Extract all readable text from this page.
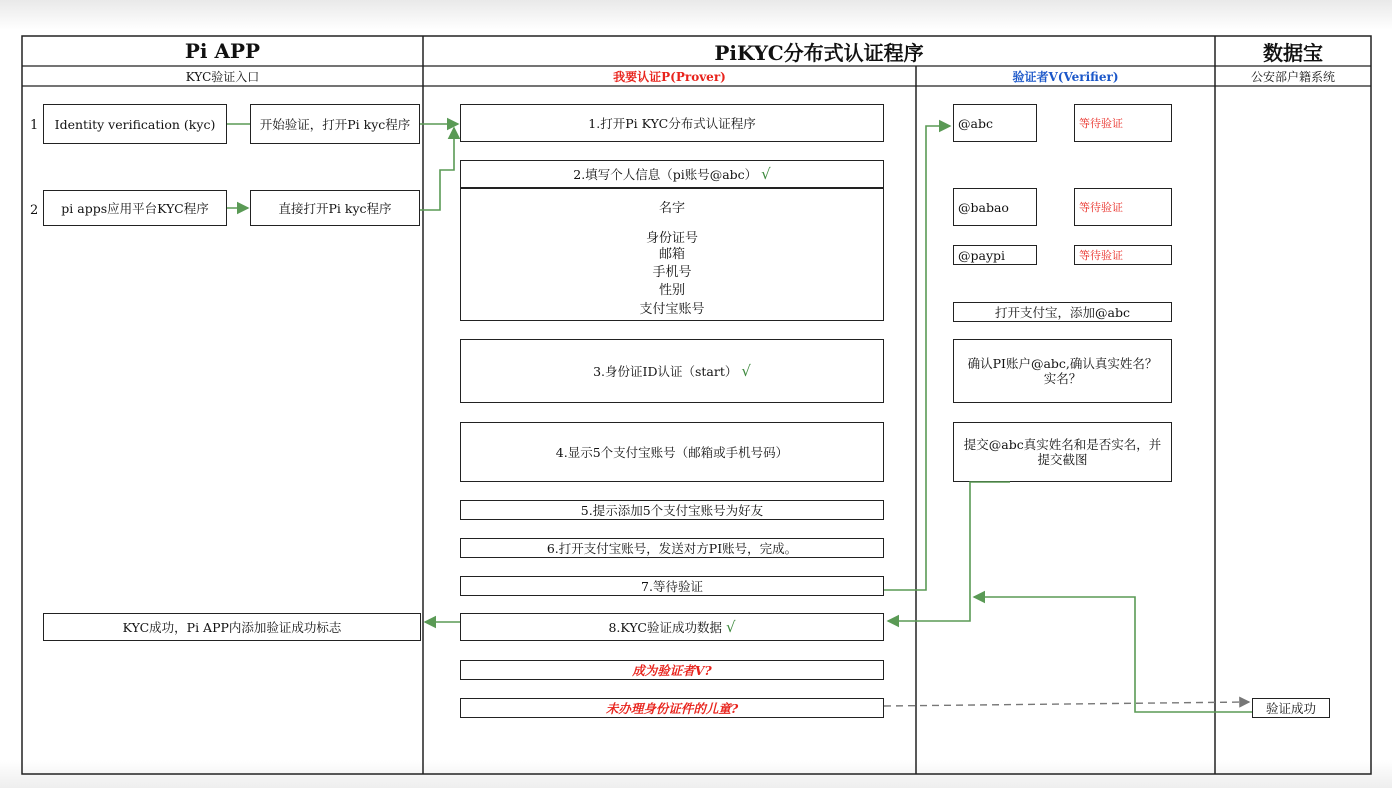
Pi APP	PiKYC分布式认证程序	数据宝
KYC验证入口	我要认证P(Prover)	验证者V(Verifier)	公安部户籍系统
1	Identity verification (kyc)	开始验证，打开Pi kyc程序
2	pi apps应用平台KYC程序	直接打开Pi kyc程序
KYC成功，Pi APP内添加验证成功标志
1.打开Pi KYC分布式认证程序
2.填写个人信息（pi账号@abc） √
名字
身份证号
邮箱
手机号
性别
支付宝账号
3.身份证ID认证（start） √
4.显示5个支付宝账号（邮箱或手机号码）
5.提示添加5个支付宝账号为好友
6.打开支付宝账号，发送对方PI账号，完成。
7.等待验证
8.KYC验证成功数据 √
成为验证者V?
未办理身份证件的儿童?
@abc	等待验证
@babao	等待验证
@paypi	等待验证
打开支付宝，添加@abc
确认PI账户@abc,确认真实姓名？实名？
提交@abc真实姓名和是否实名，并提交截图
验证成功
